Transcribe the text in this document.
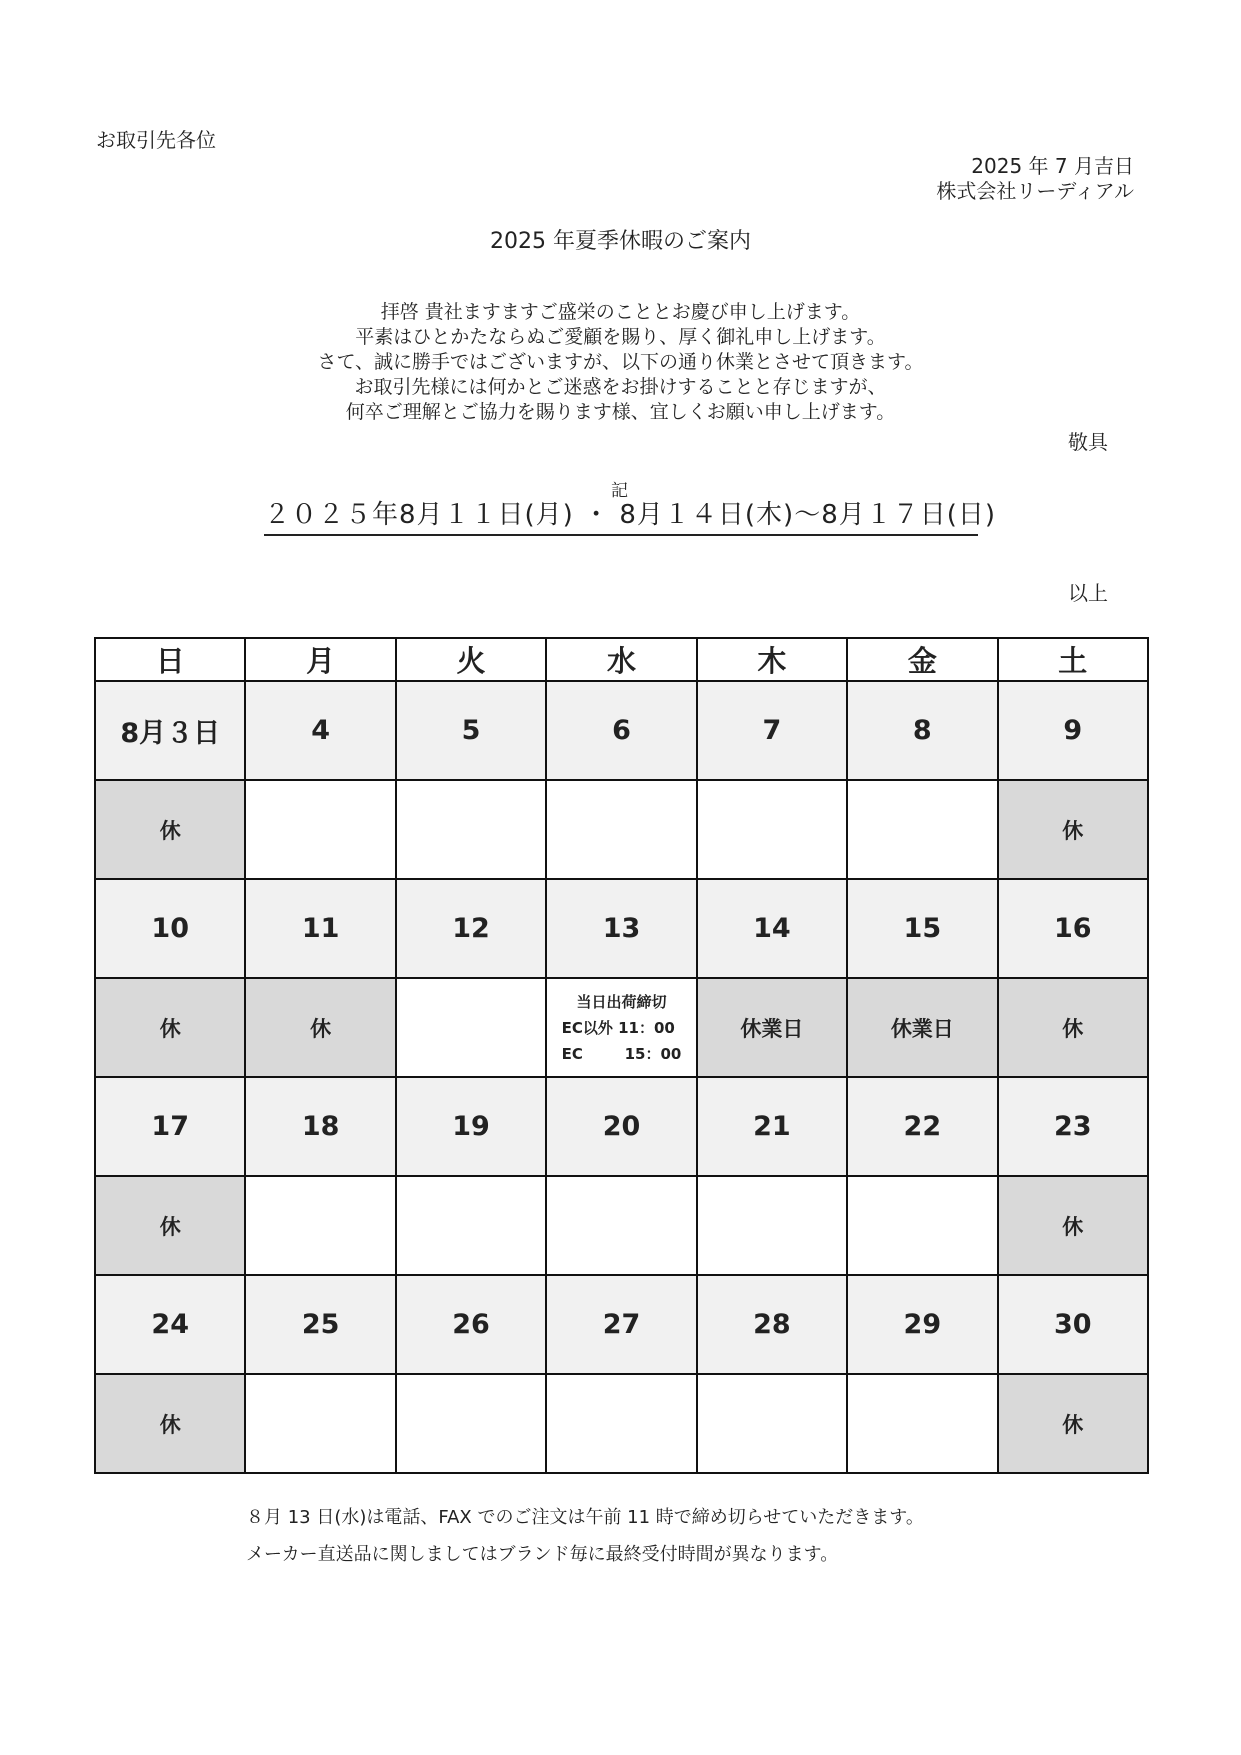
お取引先各位
2025 年 7 月吉日
株式会社リーディアル
2025 年夏季休暇のご案内
拝啓 貴社ますますご盛栄のこととお慶び申し上げます。
平素はひとかたならぬご愛顧を賜り、厚く御礼申し上げます。
さて、誠に勝手ではございますが、以下の通り休業とさせて頂きます。
お取引先様には何かとご迷惑をお掛けすることと存じますが、
何卒ご理解とご協力を賜ります様、宜しくお願い申し上げます。
敬具
記
２０２５年8月１１日(月) ・ 8月１４日(木)～8月１７日(日)
以上
日	月	火	水	木	金	土
8月３日	4	5	6	7	8	9
休						休
10	11	12	13	14	15	16
休	休		当日出荷締切
EC以外 11：00
EC 15：00	休業日	休業日	休
17	18	19	20	21	22	23
休						休
24	25	26	27	28	29	30
休						休
８月 13 日(水)は電話、FAX でのご注文は午前 11 時で締め切らせていただきます。
メーカー直送品に関しましてはブランド毎に最終受付時間が異なります。
